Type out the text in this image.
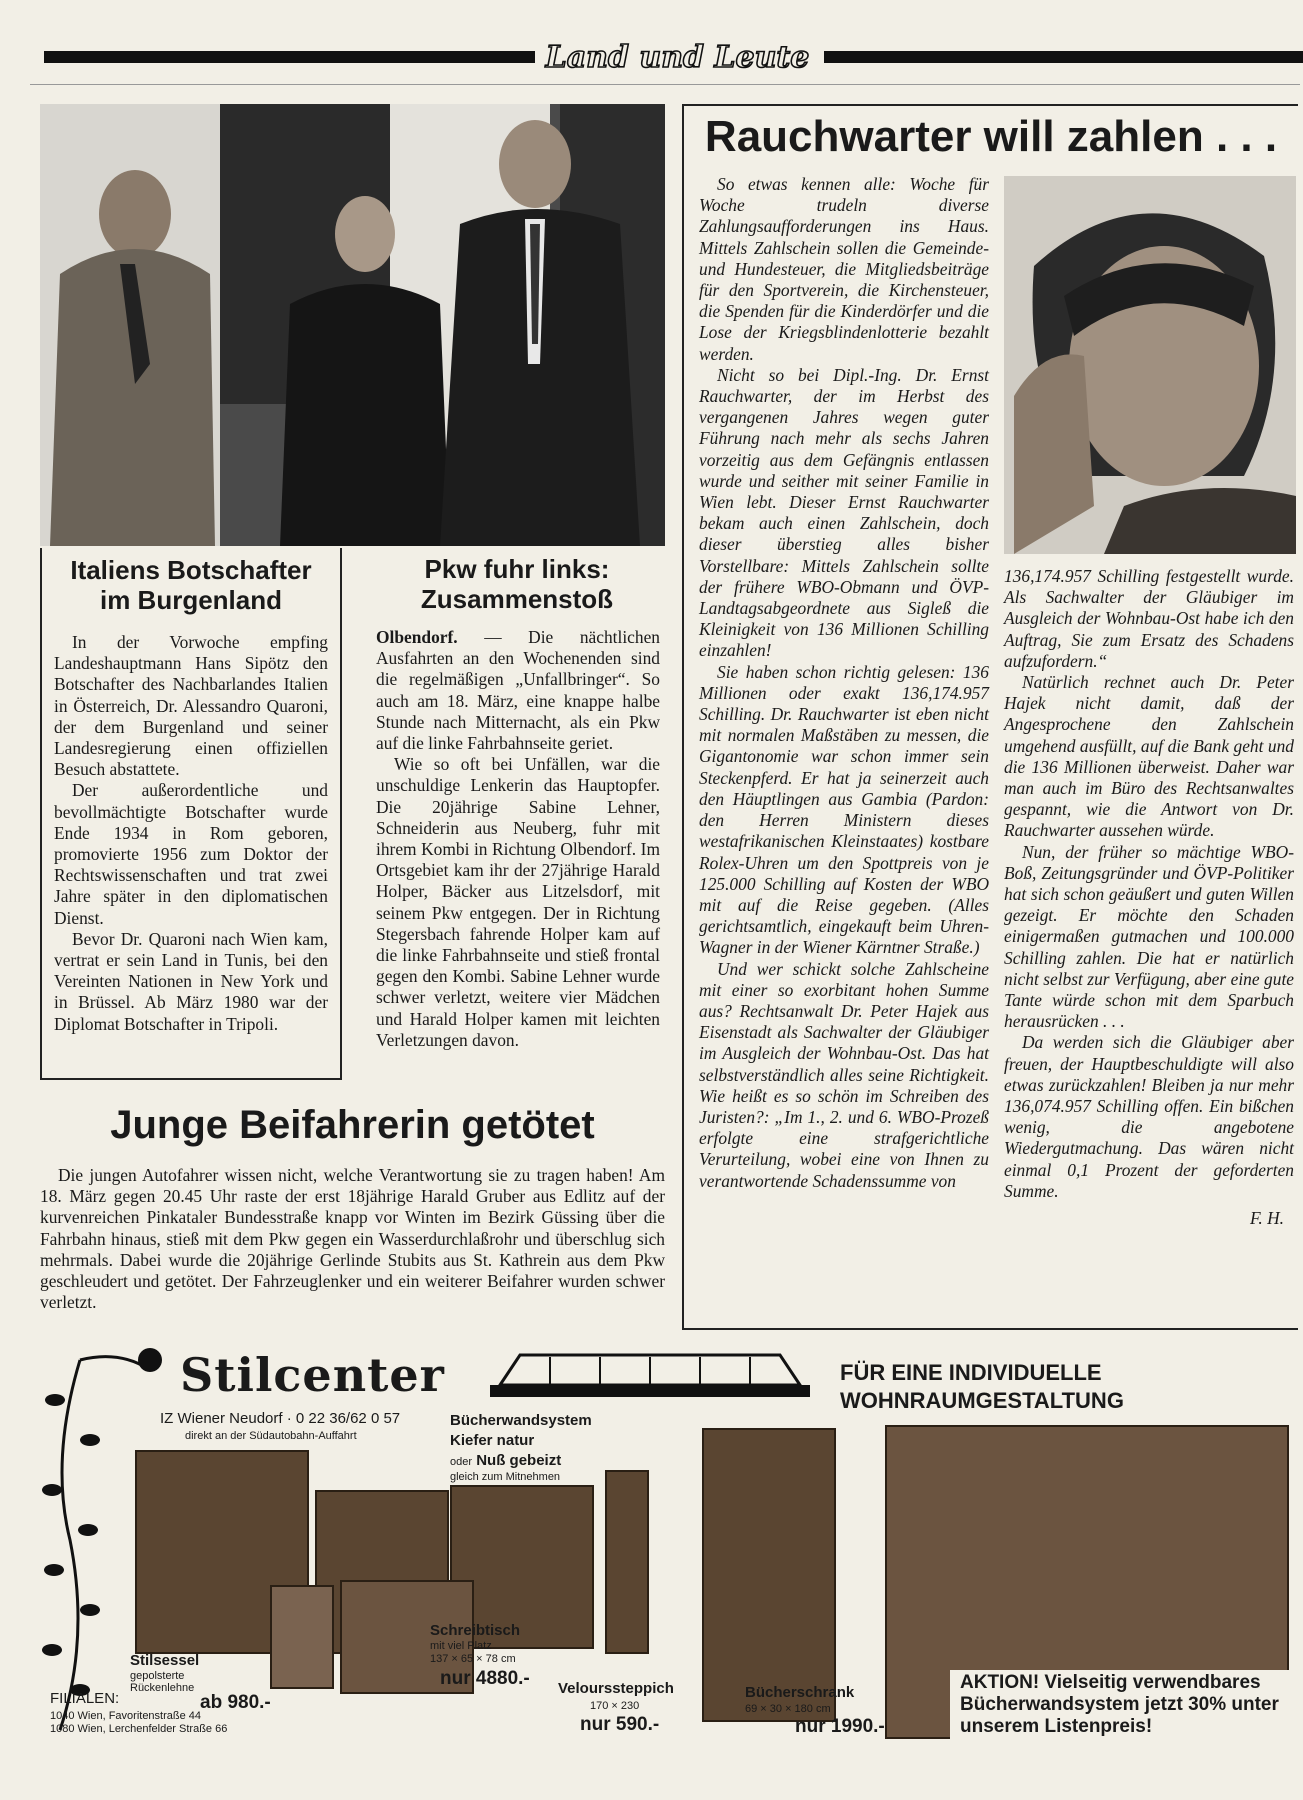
Land und Leute
Italiens Botschafter im Burgenland

In der Vorwoche empfing Landeshauptmann Hans Sipötz den Botschafter des Nachbarlandes Italien in Österreich, Dr. Alessandro Quaroni, der dem Burgenland und seiner Landesregierung einen offiziellen Besuch abstattete.

Der außerordentliche und bevollmächtigte Botschafter wurde Ende 1934 in Rom geboren, promovierte 1956 zum Doktor der Rechtswissenschaften und trat zwei Jahre später in den diplomatischen Dienst.

Bevor Dr. Quaroni nach Wien kam, vertrat er sein Land in Tunis, bei den Vereinten Nationen in New York und in Brüssel. Ab März 1980 war der Diplomat Botschafter in Tripoli.

Pkw fuhr links: Zusammenstoß

Olbendorf. — Die nächtlichen Ausfahrten an den Wochenenden sind die regelmäßigen „Unfallbringer“. So auch am 18. März, eine knappe halbe Stunde nach Mitternacht, als ein Pkw auf die linke Fahrbahnseite geriet.

Wie so oft bei Unfällen, war die unschuldige Lenkerin das Hauptopfer. Die 20jährige Sabine Lehner, Schneiderin aus Neuberg, fuhr mit ihrem Kombi in Richtung Olbendorf. Im Ortsgebiet kam ihr der 27jährige Harald Holper, Bäcker aus Litzelsdorf, mit seinem Pkw entgegen. Der in Richtung Stegersbach fahrende Holper kam auf die linke Fahrbahnseite und stieß frontal gegen den Kombi. Sabine Lehner wurde schwer verletzt, weitere vier Mädchen und Harald Holper kamen mit leichten Verletzungen davon.

Junge Beifahrerin getötet

Die jungen Autofahrer wissen nicht, welche Verantwortung sie zu tragen haben! Am 18. März gegen 20.45 Uhr raste der erst 18jährige Harald Gruber aus Edlitz auf der kurvenreichen Pinkataler Bundesstraße knapp vor Winten im Bezirk Güssing über die Fahrbahn hinaus, stieß mit dem Pkw gegen ein Wasserdurchlaßrohr und überschlug sich mehrmals. Dabei wurde die 20jährige Gerlinde Stubits aus St. Kathrein aus dem Pkw geschleudert und getötet. Der Fahrzeuglenker und ein weiterer Beifahrer wurden schwer verletzt.

Rauchwarter will zahlen . . .

So etwas kennen alle: Woche für Woche trudeln diverse Zahlungsaufforderungen ins Haus. Mittels Zahlschein sollen die Gemeinde- und Hundesteuer, die Mitgliedsbeiträge für den Sportverein, die Kirchensteuer, die Spenden für die Kinderdörfer und die Lose der Kriegsblindenlotterie bezahlt werden.

Nicht so bei Dipl.-Ing. Dr. Ernst Rauchwarter, der im Herbst des vergangenen Jahres wegen guter Führung nach mehr als sechs Jahren vorzeitig aus dem Gefängnis entlassen wurde und seither mit seiner Familie in Wien lebt. Dieser Ernst Rauchwarter bekam auch einen Zahlschein, doch dieser überstieg alles bisher Vorstellbare: Mittels Zahlschein sollte der frühere WBO-Obmann und ÖVP-Landtagsabgeordnete aus Sigleß die Kleinigkeit von 136 Millionen Schilling einzahlen!

Sie haben schon richtig gelesen: 136 Millionen oder exakt 136,174.957 Schilling. Dr. Rauchwarter ist eben nicht mit normalen Maßstäben zu messen, die Gigantonomie war schon immer sein Steckenpferd. Er hat ja seinerzeit auch den Häuptlingen aus Gambia (Pardon: den Herren Ministern dieses westafrikanischen Kleinstaates) kostbare Rolex-Uhren um den Spottpreis von je 125.000 Schilling auf Kosten der WBO mit auf die Reise gegeben. (Alles gerichtsamtlich, eingekauft beim Uhren-Wagner in der Wiener Kärntner Straße.)

Und wer schickt solche Zahlscheine mit einer so exorbitant hohen Summe aus? Rechtsanwalt Dr. Peter Hajek aus Eisenstadt als Sachwalter der Gläubiger im Ausgleich der Wohnbau-Ost. Das hat selbstverständlich alles seine Richtigkeit. Wie heißt es so schön im Schreiben des Juristen?: „Im 1., 2. und 6. WBO-Prozeß erfolgte eine strafgerichtliche Verurteilung, wobei eine von Ihnen zu verantwortende Schadenssumme von

136,174.957 Schilling festgestellt wurde. Als Sachwalter der Gläubiger im Ausgleich der Wohnbau-Ost habe ich den Auftrag, Sie zum Ersatz des Schadens aufzufordern.“

Natürlich rechnet auch Dr. Peter Hajek nicht damit, daß der Angesprochene den Zahlschein umgehend ausfüllt, auf die Bank geht und die 136 Millionen überweist. Daher war man auch im Büro des Rechtsanwaltes gespannt, wie die Antwort von Dr. Rauchwarter aussehen würde.

Nun, der früher so mächtige WBO-Boß, Zeitungsgründer und ÖVP-Politiker hat sich schon geäußert und guten Willen gezeigt. Er möchte den Schaden einigermaßen gutmachen und 100.000 Schilling zahlen. Die hat er natürlich nicht selbst zur Verfügung, aber eine gute Tante würde schon mit dem Sparbuch herausrücken . . .

Da werden sich die Gläubiger aber freuen, der Hauptbeschuldigte will also etwas zurückzahlen! Bleiben ja nur mehr 136,074.957 Schilling offen. Ein bißchen wenig, die angebotene Wiedergutmachung. Das wären nicht einmal 0,1 Prozent der geforderten Summe.

F. H.
Stilcenter
IZ Wiener Neudorf · 0 22 36/62 0 57
direkt an der Südautobahn-Auffahrt
Bücherwandsystem
Kiefer natur
oder Nuß gebeizt
gleich zum Mitnehmen
Stilsessel
gepolsterte Rückenlehne
ab 980.-
Schreibtisch
mit viel Platz
137 × 65 × 78 cm
nur 4880.- Velourssteppich
170 × 230
nur 590.-
Bücherschrank
69 × 30 × 180 cm
nur 1990.-
FILIALEN:
1040 Wien, Favoritenstraße 44
1080 Wien, Lerchenfelder Straße 66
FÜR EINE INDIVIDUELLE
WOHNRAUMGESTALTUNG
AKTION! Vielseitig verwendbares
Bücherwandsystem jetzt 30% unter
unserem Listenpreis!
